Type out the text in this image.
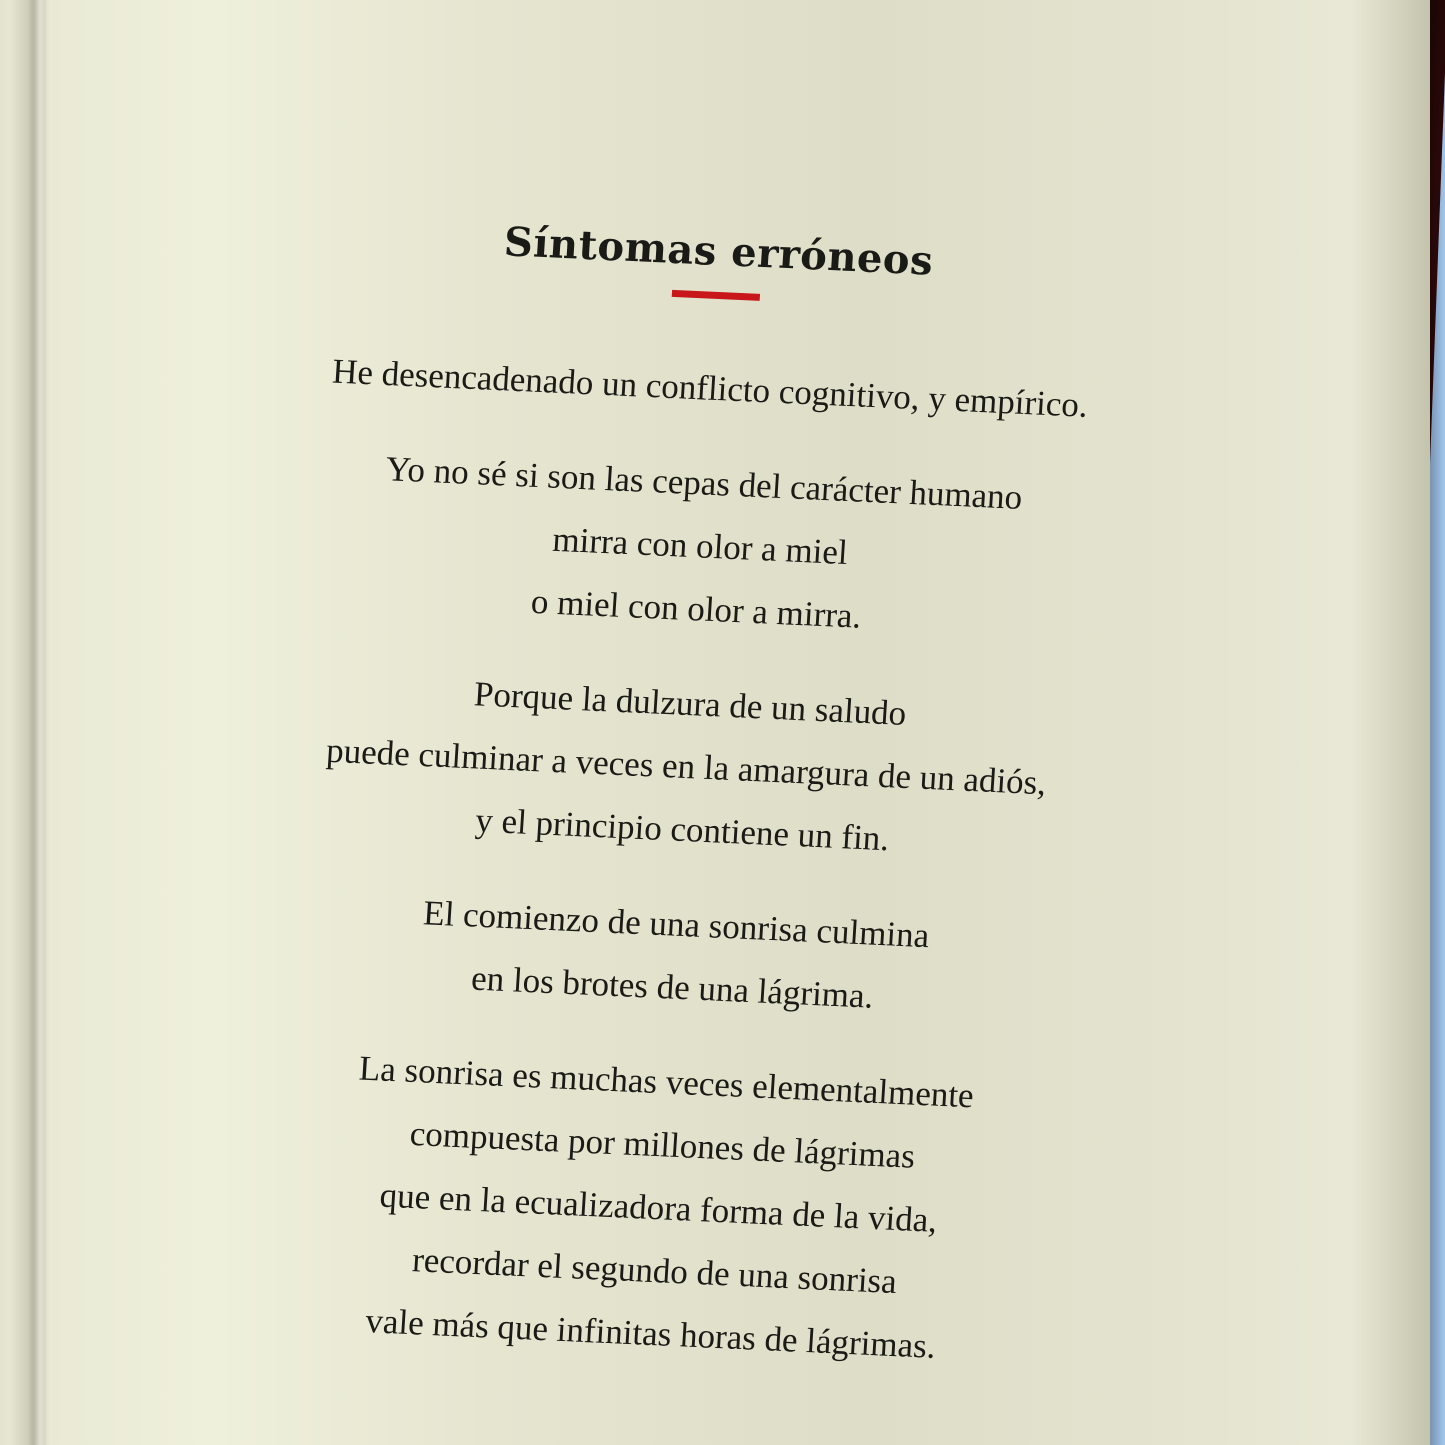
Síntomas erróneos
He desencadenado un conflicto cognitivo, y empírico.
Yo no sé si son las cepas del carácter humano
mirra con olor a miel
o miel con olor a mirra.
Porque la dulzura de un saludo
puede culminar a veces en la amargura de un adiós,
y el principio contiene un fin.
El comienzo de una sonrisa culmina
en los brotes de una lágrima.
La sonrisa es muchas veces elementalmente
compuesta por millones de lágrimas
que en la ecualizadora forma de la vida,
recordar el segundo de una sonrisa
vale más que infinitas horas de lágrimas.
